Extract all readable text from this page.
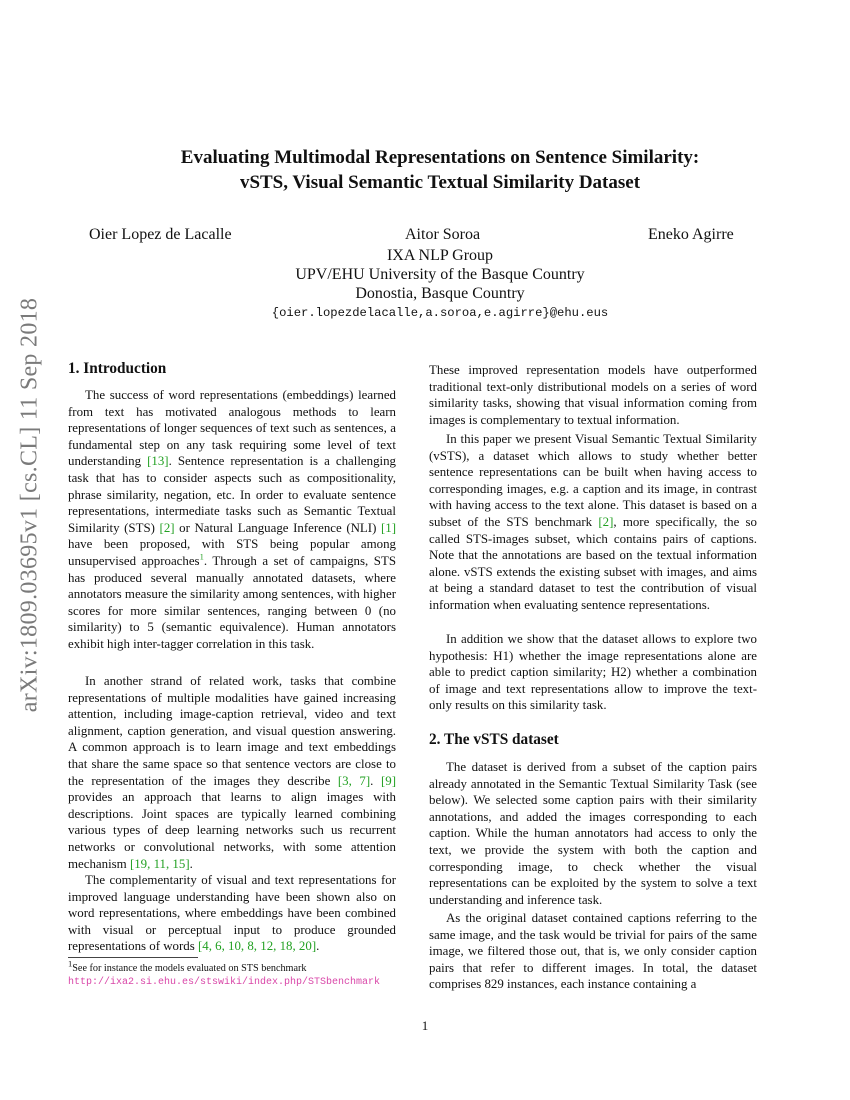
arXiv:1809.03695v1 [cs.CL] 11 Sep 2018
Evaluating Multimodal Representations on Sentence Similarity:
vSTS, Visual Semantic Textual Similarity Dataset
Oier Lopez de Lacalle	Aitor Soroa	Eneko Agirre
IXA NLP Group
UPV/EHU University of the Basque Country
Donostia, Basque Country
{oier.lopezdelacalle,a.soroa,e.agirre}@ehu.eus
1. Introduction

The success of word representations (embeddings) learned from text has motivated analogous methods to learn representations of longer sequences of text such as sentences, a fundamental step on any task requiring some level of text understanding [13]. Sentence representation is a challenging task that has to consider aspects such as compositionality, phrase similarity, negation, etc. In order to evaluate sentence representations, intermediate tasks such as Semantic Textual Similarity (STS) [2] or Natural Language Inference (NLI) [1] have been proposed, with STS being popular among unsupervised approaches$^1$. Through a set of campaigns, STS has produced several manually annotated datasets, where annotators measure the similarity among sentences, with higher scores for more similar sentences, ranging between 0 (no similarity) to 5 (semantic equivalence). Human annotators exhibit high inter-tagger correlation in this task.

In another strand of related work, tasks that combine representations of multiple modalities have gained increasing attention, including image-caption retrieval, video and text alignment, caption generation, and visual question answering. A common approach is to learn image and text embeddings that share the same space so that sentence vectors are close to the representation of the images they describe [3, 7]. [9] provides an approach that learns to align images with descriptions. Joint spaces are typically learned combining various types of deep learning networks such us recurrent networks or convolutional networks, with some attention mechanism [19, 11, 15].

The complementarity of visual and text representations for improved language understanding have been shown also on word representations, where embeddings have been combined with visual or perceptual input to produce grounded representations of words [4, 6, 10, 8, 12, 18, 20].

$^1$See for instance the models evaluated on STS benchmark http://ixa2.si.ehu.es/stswiki/index.php/STSbenchmark

These improved representation models have outperformed traditional text-only distributional models on a series of word similarity tasks, showing that visual information coming from images is complementary to textual information.

In this paper we present Visual Semantic Textual Similarity (vSTS), a dataset which allows to study whether better sentence representations can be built when having access to corresponding images, e.g. a caption and its image, in contrast with having access to the text alone. This dataset is based on a subset of the STS benchmark [2], more specifically, the so called STS-images subset, which contains pairs of captions. Note that the annotations are based on the textual information alone. vSTS extends the existing subset with images, and aims at being a standard dataset to test the contribution of visual information when evaluating sentence representations.

In addition we show that the dataset allows to explore two hypothesis: H1) whether the image representations alone are able to predict caption similarity; H2) whether a combination of image and text representations allow to improve the text-only results on this similarity task.

2. The vSTS dataset

The dataset is derived from a subset of the caption pairs already annotated in the Semantic Textual Similarity Task (see below). We selected some caption pairs with their similarity annotations, and added the images corresponding to each caption. While the human annotators had access to only the text, we provide the system with both the caption and corresponding image, to check whether the visual representations can be exploited by the system to solve a text understanding and inference task.

As the original dataset contained captions referring to the same image, and the task would be trivial for pairs of the same image, we filtered those out, that is, we only consider caption pairs that refer to different images. In total, the dataset comprises 829 instances, each instance containing a

1
